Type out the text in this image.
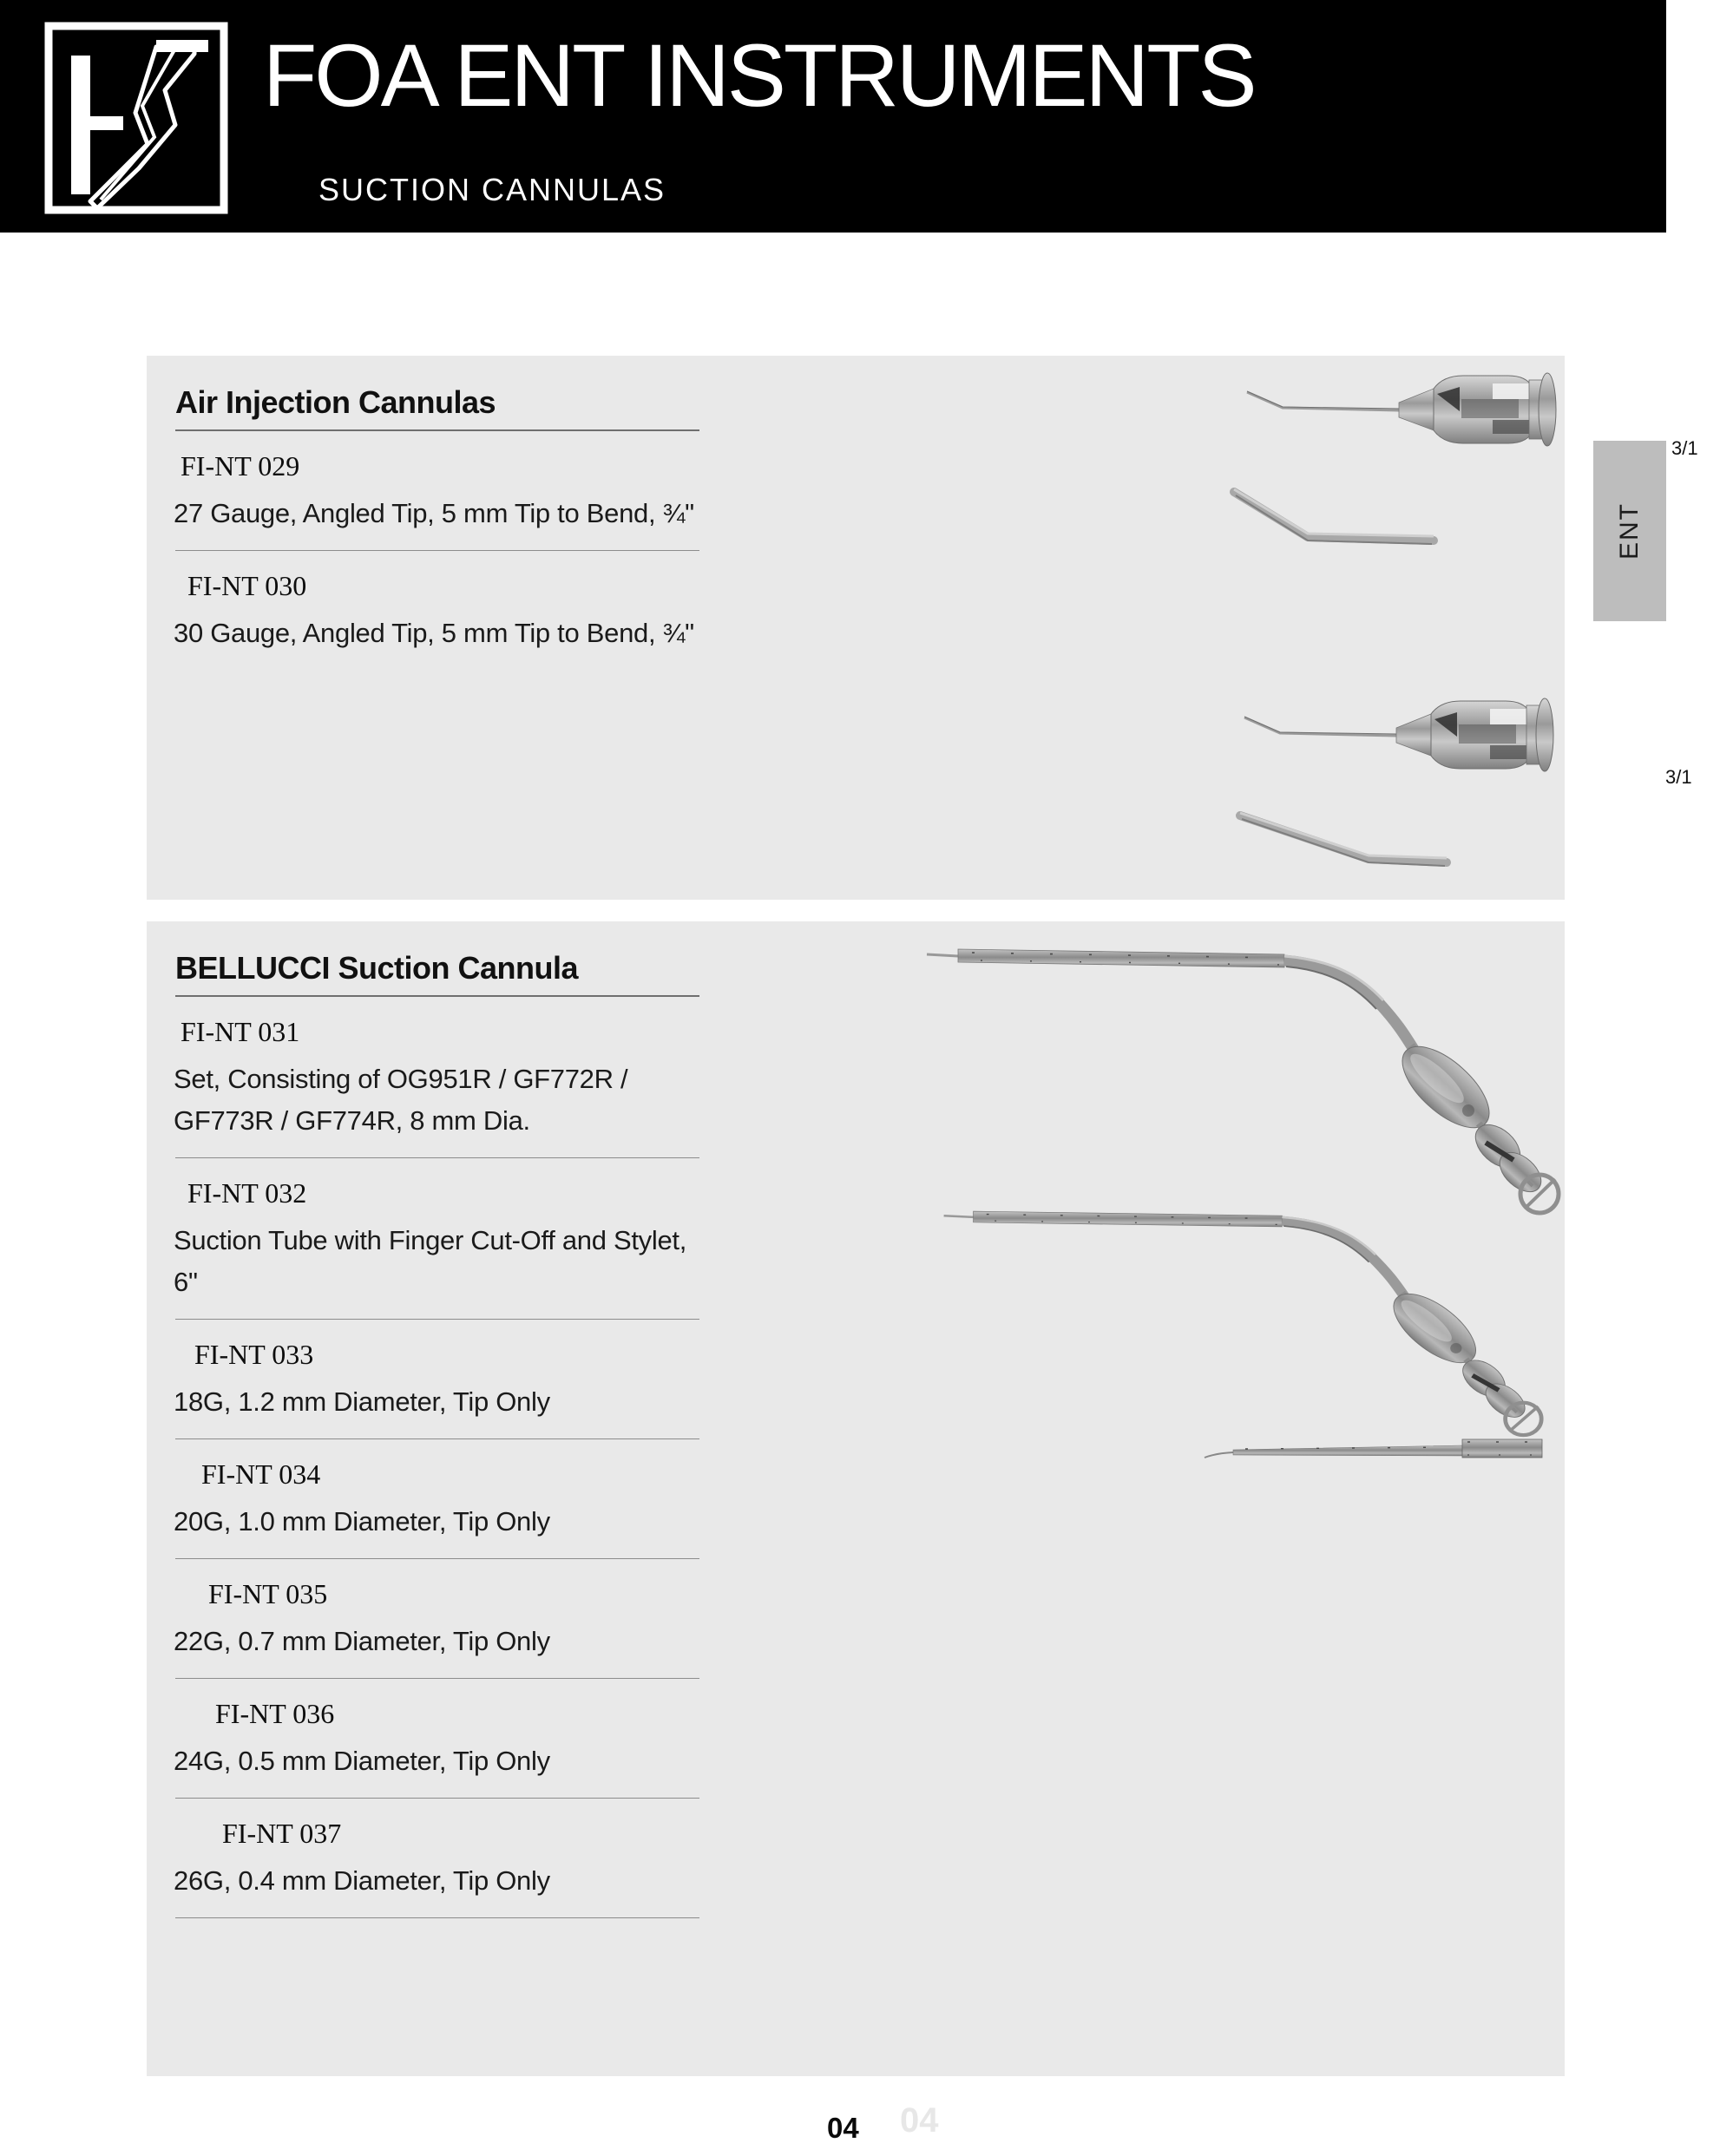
FOA ENT INSTRUMENTS
SUCTION CANNULAS
ENT
Air Injection Cannulas
FI-NT 029
27 Gauge, Angled Tip, 5 mm Tip to Bend, ¾"
FI-NT 030
30 Gauge, Angled Tip, 5 mm Tip to Bend, ¾"
3/1
3/1
BELLUCCI Suction Cannula
FI-NT 031
Set, Consisting of OG951R / GF772R / GF773R / GF774R, 8 mm Dia.
FI-NT 032
Suction Tube with Finger Cut-Off and Stylet, 6"
FI-NT 033
18G, 1.2 mm Diameter, Tip Only
FI-NT 034
20G, 1.0 mm Diameter, Tip Only
FI-NT 035
22G, 0.7 mm Diameter, Tip Only
FI-NT 036
24G, 0.5 mm Diameter, Tip Only
FI-NT 037
26G, 0.4 mm Diameter, Tip Only
04
04
